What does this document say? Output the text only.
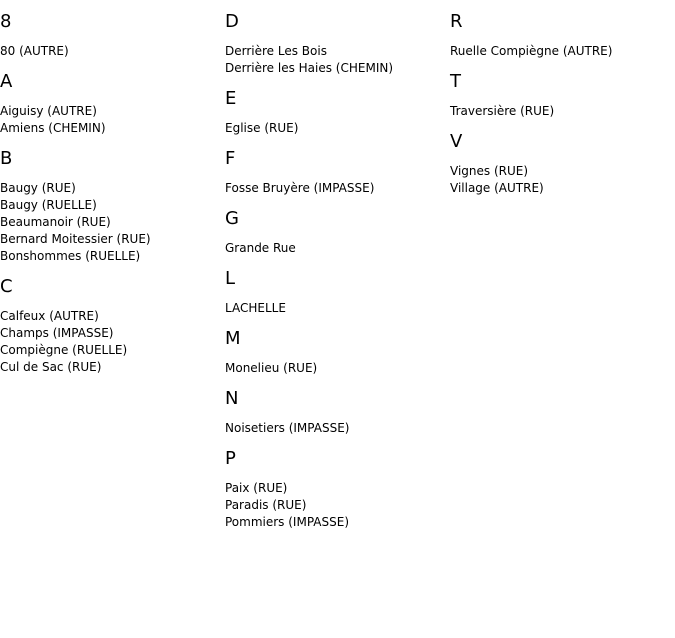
8
80 (AUTRE)
A
Aiguisy (AUTRE)
Amiens (CHEMIN)
B
Baugy (RUE)
Baugy (RUELLE)
Beaumanoir (RUE)
Bernard Moitessier (RUE)
Bonshommes (RUELLE)
C
Calfeux (AUTRE)
Champs (IMPASSE)
Compiègne (RUELLE)
Cul de Sac (RUE)
D
Derrière Les Bois
Derrière les Haies (CHEMIN)
E
Eglise (RUE)
F
Fosse Bruyère (IMPASSE)
G
Grande Rue
L
LACHELLE
M
Monelieu (RUE)
N
Noisetiers (IMPASSE)
P
Paix (RUE)
Paradis (RUE)
Pommiers (IMPASSE)
R
Ruelle Compiègne (AUTRE)
T
Traversière (RUE)
V
Vignes (RUE)
Village (AUTRE)
